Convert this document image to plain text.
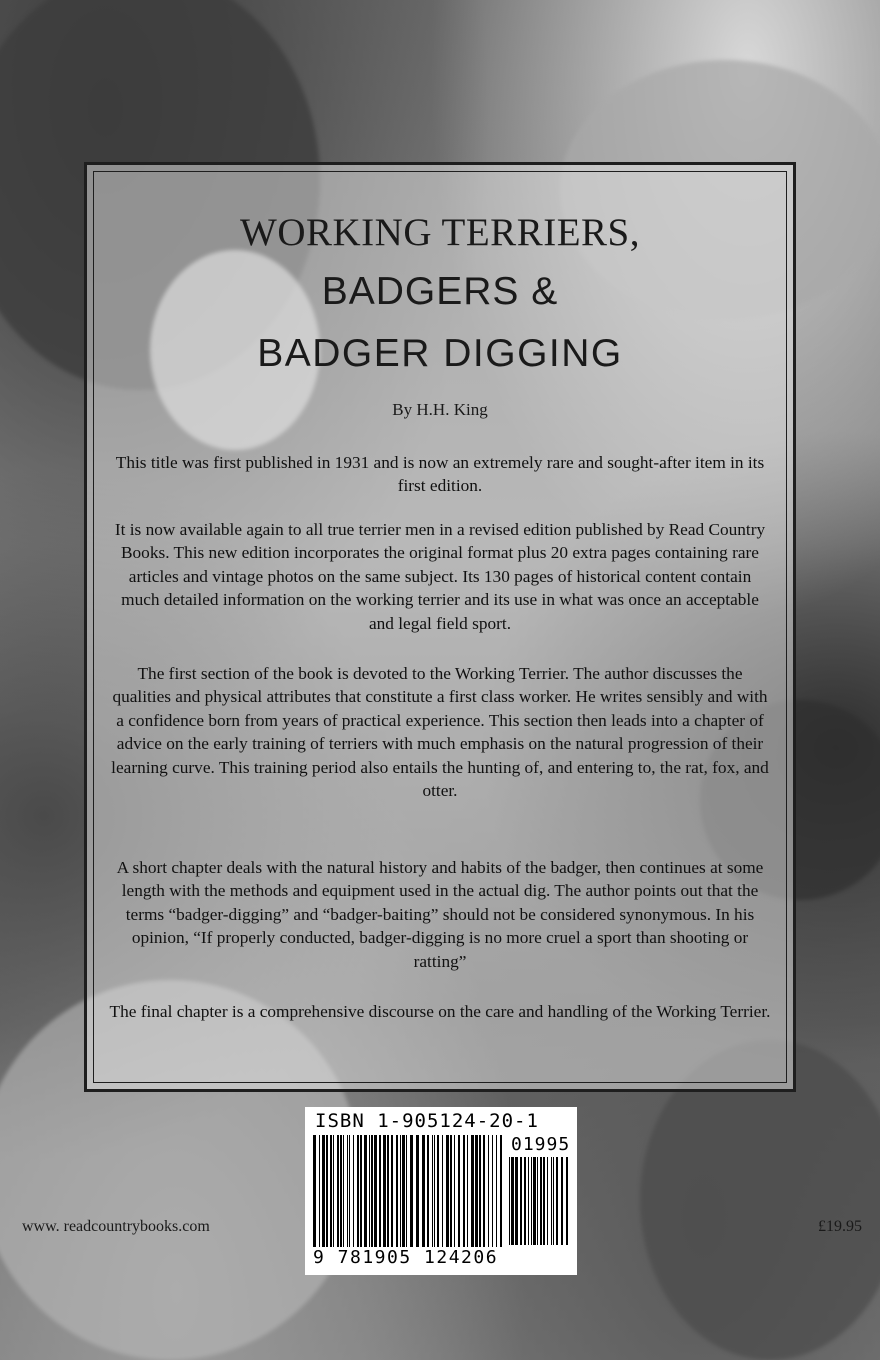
WORKING TERRIERS,
BADGERS &
BADGER DIGGING
By H.H. King
This title was first published in 1931 and is now an extremely rare and sought-after item in its first edition.
It is now available again to all true terrier men in a revised edition published by Read Country Books. This new edition incorporates the original format plus 20 extra pages containing rare articles and vintage photos on the same subject. Its 130 pages of historical content contain much detailed information on the working terrier and its use in what was once an acceptable and legal field sport.
The first section of the book is devoted to the Working Terrier. The author discusses the qualities and physical attributes that constitute a first class worker. He writes sensibly and with a confidence born from years of practical experience. This section then leads into a chapter of advice on the early training of terriers with much emphasis on the natural progression of their learning curve. This training period also entails the hunting of, and entering to, the rat, fox, and otter.
A short chapter deals with the natural history and habits of the badger, then continues at some length with the methods and equipment used in the actual dig. The author points out that the terms “badger-digging” and “badger-baiting” should not be considered synonymous. In his opinion, “If properly conducted, badger-digging is no more cruel a sport than shooting or ratting”
The final chapter is a comprehensive discourse on the care and handling of the Working Terrier.
ISBN 1-905124-20-1
01995
9 781905 124206
www. readcountrybooks.com	£19.95
